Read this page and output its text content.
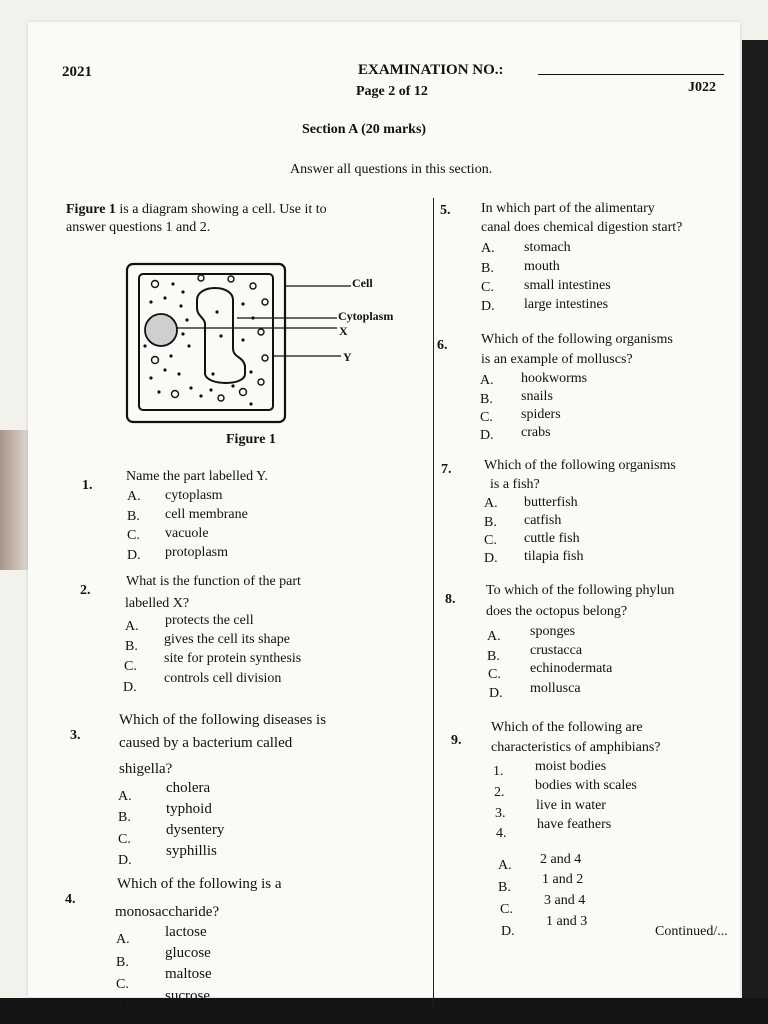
2021	EXAMINATION NO.:
Page 2 of 12	J022
Section A (20 marks)
Answer all questions in this section.
Figure 1 is a diagram showing a cell. Use it to
answer questions 1 and 2.
Cell
Cytoplasm
X
Y
Figure 1
1.
Name the part labelled Y.
A. cytoplasm
B. cell membrane
C. vacuole
D. protoplasm
2.
What is the function of the part
labelled X?
A. protects the cell
B. gives the cell its shape
C.
site for protein synthesis
D.
controls cell division
3.
Which of the following diseases is
caused by a bacterium called
shigella?
A.
cholera
B.
typhoid
C.
dysentery
D.
syphillis
4.
Which of the following is a
monosaccharide?
A. lactose
B.
glucose
C.
maltose
D.
sucrose
5. In which part of the alimentary
canal does chemical digestion start?
A. stomach
B. mouth
C. small intestines
D. large intestines
6. Which of the following organisms
is an example of molluscs?
A. hookworms
B. snails
C. spiders
D. crabs
7. Which of the following organisms
is a fish?
A. butterfish
B. catfish
C. cuttle fish
D. tilapia fish
8.
To which of the following phylun
does the octopus belong?
A. sponges
B. crustacca
C. echinodermata
D. mollusca
9.
Which of the following are
characteristics of amphibians?
1. moist bodies
2. bodies with scales
3.
live in water
4.
have feathers
A. 2 and 4
B.
1 and 2
C.
3 and 4
D.
1 and 3
Continued/...
